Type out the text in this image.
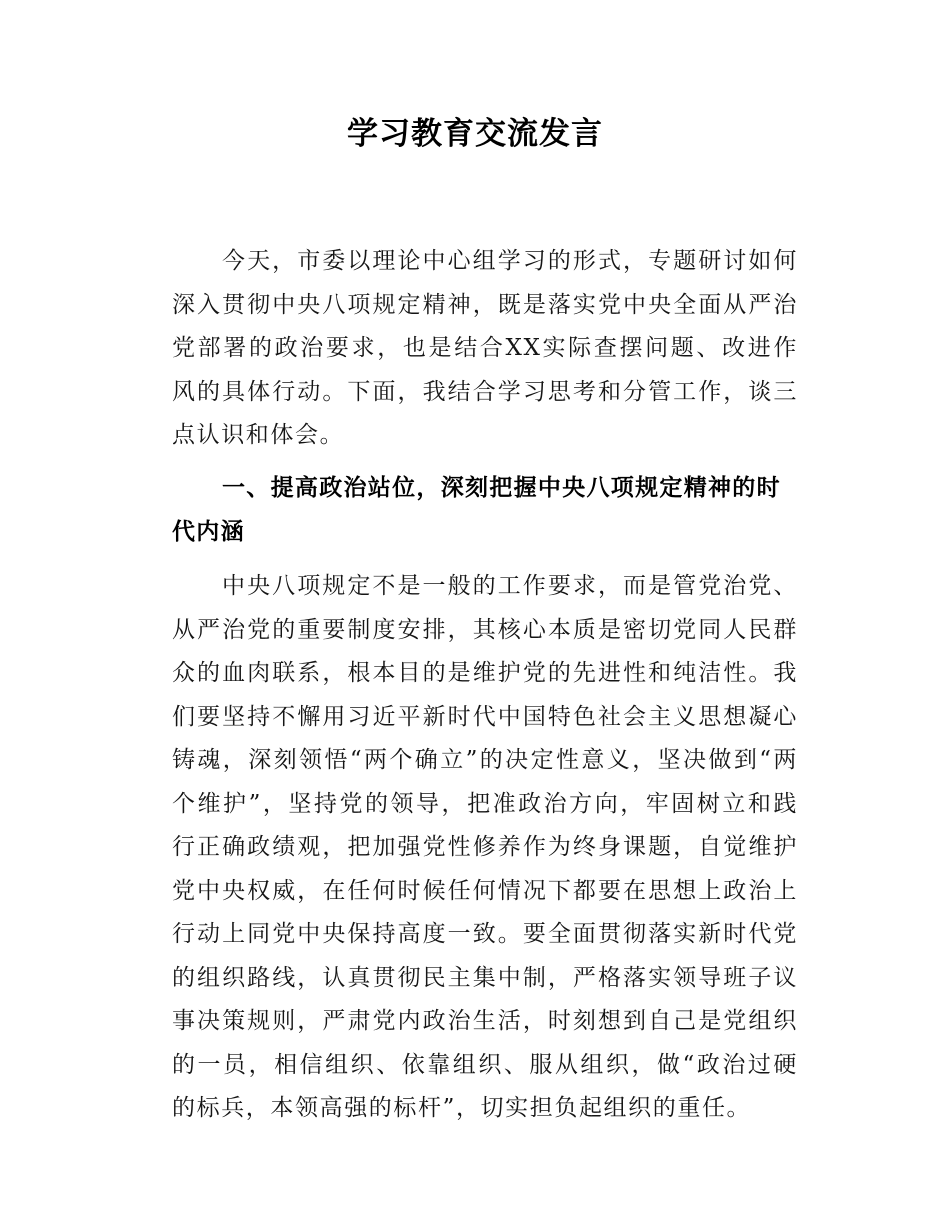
学习教育交流发言

今天，市委以理论中心组学习的形式，专题研讨如何深入贯彻中央八项规定精神，既是落实党中央全面从严治党部署的政治要求，也是结合XX实际查摆问题、改进作风的具体行动。下面，我结合学习思考和分管工作，谈三点认识和体会。

一、提高政治站位，深刻把握中央八项规定精神的时代内涵

中央八项规定不是一般的工作要求，而是管党治党、从严治党的重要制度安排，其核心本质是密切党同人民群众的血肉联系，根本目的是维护党的先进性和纯洁性。我们要坚持不懈用习近平新时代中国特色社会主义思想凝心铸魂，深刻领悟“两个确立”的决定性意义，坚决做到“两个维护”，坚持党的领导，把准政治方向，牢固树立和践行正确政绩观，把加强党性修养作为终身课题，自觉维护党中央权威，在任何时候任何情况下都要在思想上政治上行动上同党中央保持高度一致。要全面贯彻落实新时代党的组织路线，认真贯彻民主集中制，严格落实领导班子议事决策规则，严肃党内政治生活，时刻想到自己是党组织的一员，相信组织、依靠组织、服从组织，做“政治过硬的标兵，本领高强的标杆”，切实担负起组织的重任。
